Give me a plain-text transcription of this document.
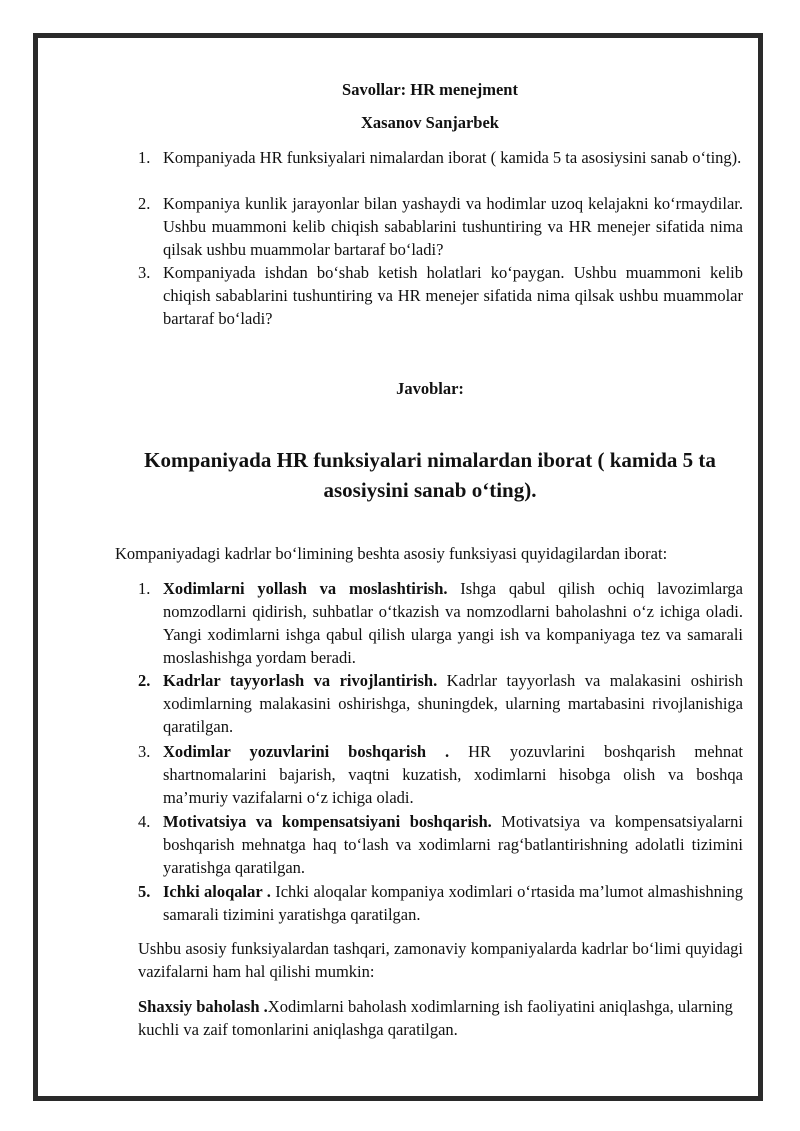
Savollar: HR menejment

Xasanov Sanjarbek

1. Kompaniyada HR funksiyalari nimalardan iborat ( kamida 5 ta asosiysini sanab o‘ting).

2. Kompaniya kunlik jarayonlar bilan yashaydi va hodimlar uzoq kelajakni ko‘rmaydilar. Ushbu muammoni kelib chiqish sabablarini tushuntiring va HR menejer sifatida nima qilsak ushbu muammolar bartaraf bo‘ladi?

3. Kompaniyada ishdan bo‘shab ketish holatlari ko‘paygan. Ushbu muammoni kelib chiqish sabablarini tushuntiring va HR menejer sifatida nima qilsak ushbu muammolar bartaraf bo‘ladi?

Javoblar:

Kompaniyada HR funksiyalari nimalardan iborat ( kamida 5 ta asosiysini sanab o‘ting).

Kompaniyadagi kadrlar bo‘limining beshta asosiy funksiyasi quyidagilardan iborat:

1. Xodimlarni yollash va moslashtirish. Ishga qabul qilish ochiq lavozimlarga nomzodlarni qidirish, suhbatlar o‘tkazish va nomzodlarni baholashni o‘z ichiga oladi. Yangi xodimlarni ishga qabul qilish ularga yangi ish va kompaniyaga tez va samarali moslashishga yordam beradi.

2. Kadrlar tayyorlash va rivojlantirish. Kadrlar tayyorlash va malakasini oshirish xodimlarning malakasini oshirishga, shuningdek, ularning martabasini rivojlanishiga qaratilgan.

3. Xodimlar yozuvlarini boshqarish . HR yozuvlarini boshqarish mehnat shartnomalarini bajarish, vaqtni kuzatish, xodimlarni hisobga olish va boshqa ma’muriy vazifalarni o‘z ichiga oladi.

4. Motivatsiya va kompensatsiyani boshqarish. Motivatsiya va kompensatsiyalarni boshqarish mehnatga haq to‘lash va xodimlarni rag‘batlantirishning adolatli tizimini yaratishga qaratilgan.

5. Ichki aloqalar . Ichki aloqalar kompaniya xodimlari o‘rtasida ma’lumot almashishning samarali tizimini yaratishga qaratilgan.

Ushbu asosiy funksiyalardan tashqari, zamonaviy kompaniyalarda kadrlar bo‘limi quyidagi vazifalarni ham hal qilishi mumkin:

Shaxsiy baholash .Xodimlarni baholash xodimlarning ish faoliyatini aniqlashga, ularning kuchli va zaif tomonlarini aniqlashga qaratilgan.
